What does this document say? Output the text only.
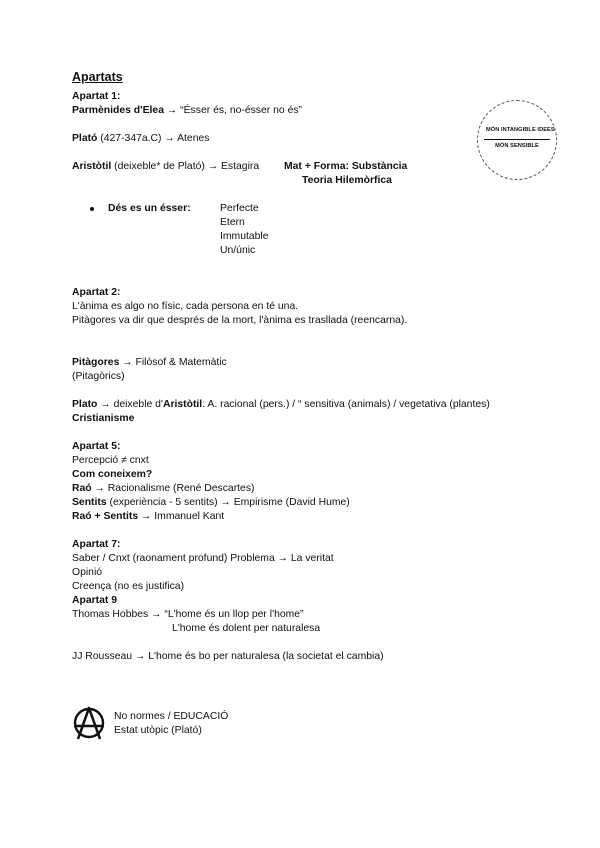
Apartats
Apartat 1:
Parmènides d'Elea → “Ésser és, no-ésser no és”
Plató (427-347a.C) → Atenes
Aristòtil (deixeble* de Plató) → Estagira Mat + Forma: Substància
Teoria Hilemòrfica
Dés es un ésser:	Perfecte
Etern
Immutable
Un/únic
Apartat 2:
L'ànima es algo no físic, cada persona en té una.
Pitàgores va dir que després de la mort, l'ànima es trasllada (reencarna).
Pitàgores → Filòsof & Matemàtic
(Pitagòrics)
Plato → deixeble d'Aristòtil: A. racional (pers.) / “ sensitiva (animals) / vegetativa (plantes)
Cristianisme
Apartat 5:
Percepció ≠ cnxt
Com coneixem?
Raó → Racionalisme (René Descartes)
Sentits (experiència - 5 sentits) → Empirisme (David Hume)
Raó + Sentits → Immanuel Kant
Apartat 7:
Saber / Cnxt (raonament profund) Problema → La veritat
Opinió
Creença (no es justifica)
Apartat 9
Thomas Hobbes → “L'home és un llop per l'home”
L'home és dolent per naturalesa
JJ Rousseau → L'home és bo per naturalesa (la societat el cambia)
MÓN INTANGIBLE IDEES
MÓN SENSIBLE
No normes / EDUCACIÓ
Estat utòpic (Plató)
